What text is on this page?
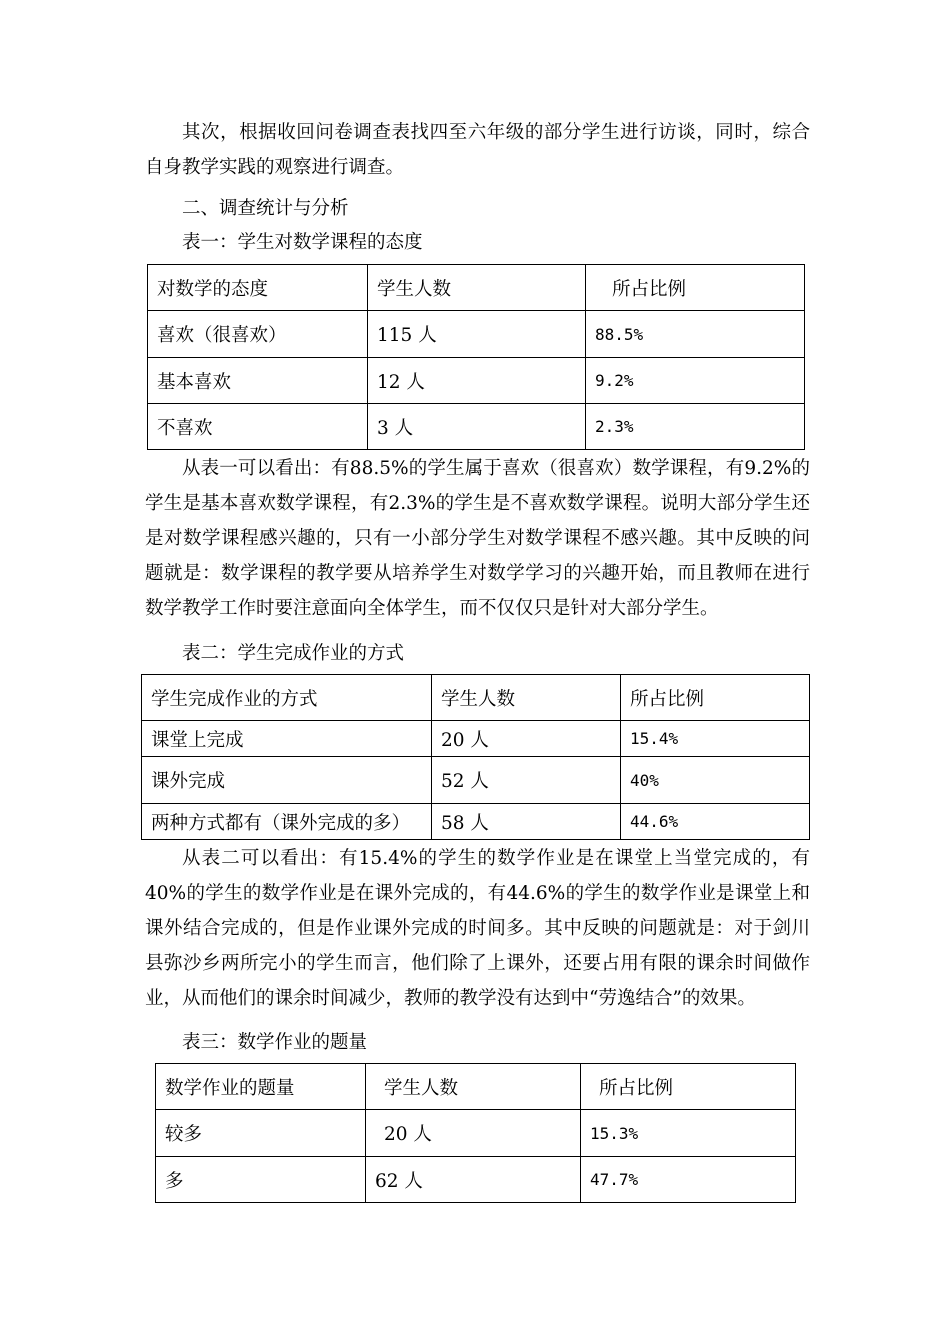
其次，根据收回问卷调查表找四至六年级的部分学生进行访谈，同时，综合自身教学实践的观察进行调查。

二、调查统计与分析

表一：学生对数学课程的态度

对数学的态度	学生人数	所占比例
喜欢（很喜欢）	115 人	88.5%
基本喜欢	12 人	9.2%
不喜欢	3 人	2.3%

从表一可以看出：有88.5%的学生属于喜欢（很喜欢）数学课程，有9.2%的学生是基本喜欢数学课程，有2.3%的学生是不喜欢数学课程。说明大部分学生还是对数学课程感兴趣的，只有一小部分学生对数学课程不感兴趣。其中反映的问题就是：数学课程的教学要从培养学生对数学学习的兴趣开始，而且教师在进行数学教学工作时要注意面向全体学生，而不仅仅只是针对大部分学生。

表二：学生完成作业的方式

学生完成作业的方式	学生人数	所占比例
课堂上完成	20 人	15.4%
课外完成	52 人	40%
两种方式都有（课外完成的多）	58 人	44.6%

从表二可以看出：有15.4%的学生的数学作业是在课堂上当堂完成的，有40%的学生的数学作业是在课外完成的，有44.6%的学生的数学作业是课堂上和课外结合完成的，但是作业课外完成的时间多。其中反映的问题就是：对于剑川县弥沙乡两所完小的学生而言，他们除了上课外，还要占用有限的课余时间做作业，从而他们的课余时间减少，教师的教学没有达到中“劳逸结合”的效果。

表三：数学作业的题量

数学作业的题量	学生人数	所占比例
较多	20 人	15.3%
多	62 人	47.7%
